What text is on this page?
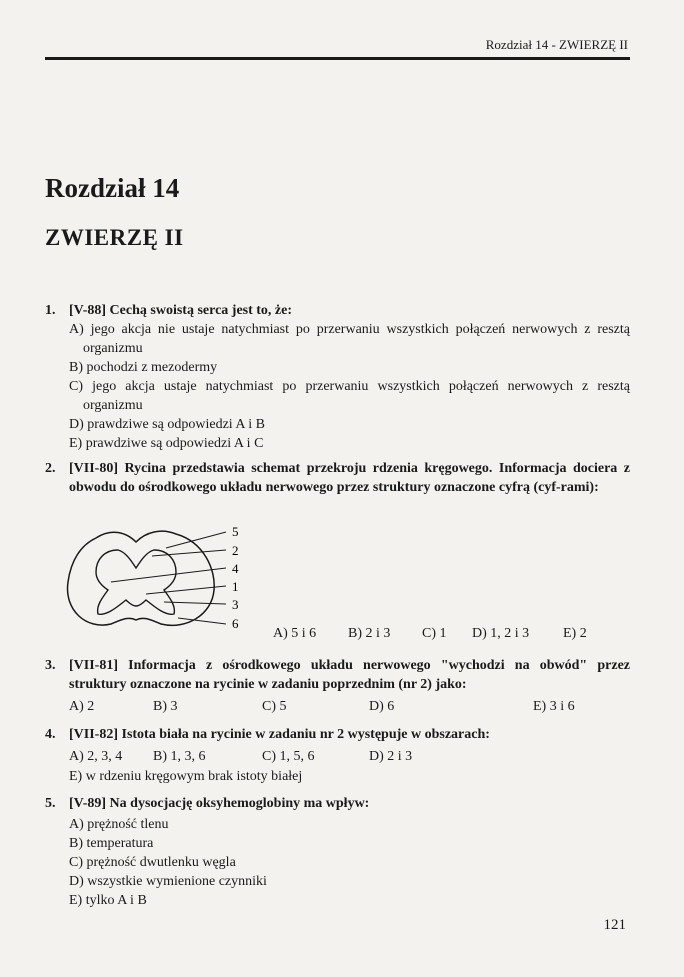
Rozdział 14 - ZWIERZĘ II
Rozdział 14
ZWIERZĘ II
1. [V-88] Cechą swoistą serca jest to, że:
A) jego akcja nie ustaje natychmiast po przerwaniu wszystkich połączeń nerwowych z resztą organizmu
B) pochodzi z mezodermy
C) jego akcja ustaje natychmiast po przerwaniu wszystkich połączeń nerwowych z resztą organizmu
D) prawdziwe są odpowiedzi A i B
E) prawdziwe są odpowiedzi A i C
2. [VII-80] Rycina przedstawia schemat przekroju rdzenia kręgowego. Informacja dociera z obwodu do ośrodkowego układu nerwowego przez struktury oznaczone cyfrą (cyf-rami):
5
2
4
1
3
6
A) 5 i 6 B) 2 i 3 C) 1 D) 1, 2 i 3 E) 2
3. [VII-81] Informacja z ośrodkowego układu nerwowego "wychodzi na obwód" przez struktury oznaczone na rycinie w zadaniu poprzednim (nr 2) jako:
A) 2	B) 3	C) 5	D) 6	E) 3 i 6
4. [VII-82] Istota biała na rycinie w zadaniu nr 2 występuje w obszarach:
A) 2, 3, 4 B) 1, 3, 6	C) 1, 5, 6	D) 2 i 3
E) w rdzeniu kręgowym brak istoty białej
5. [V-89] Na dysocjację oksyhemoglobiny ma wpływ:
A) prężność tlenu
B) temperatura
C) prężność dwutlenku węgla
D) wszystkie wymienione czynniki
E) tylko A i B
121
